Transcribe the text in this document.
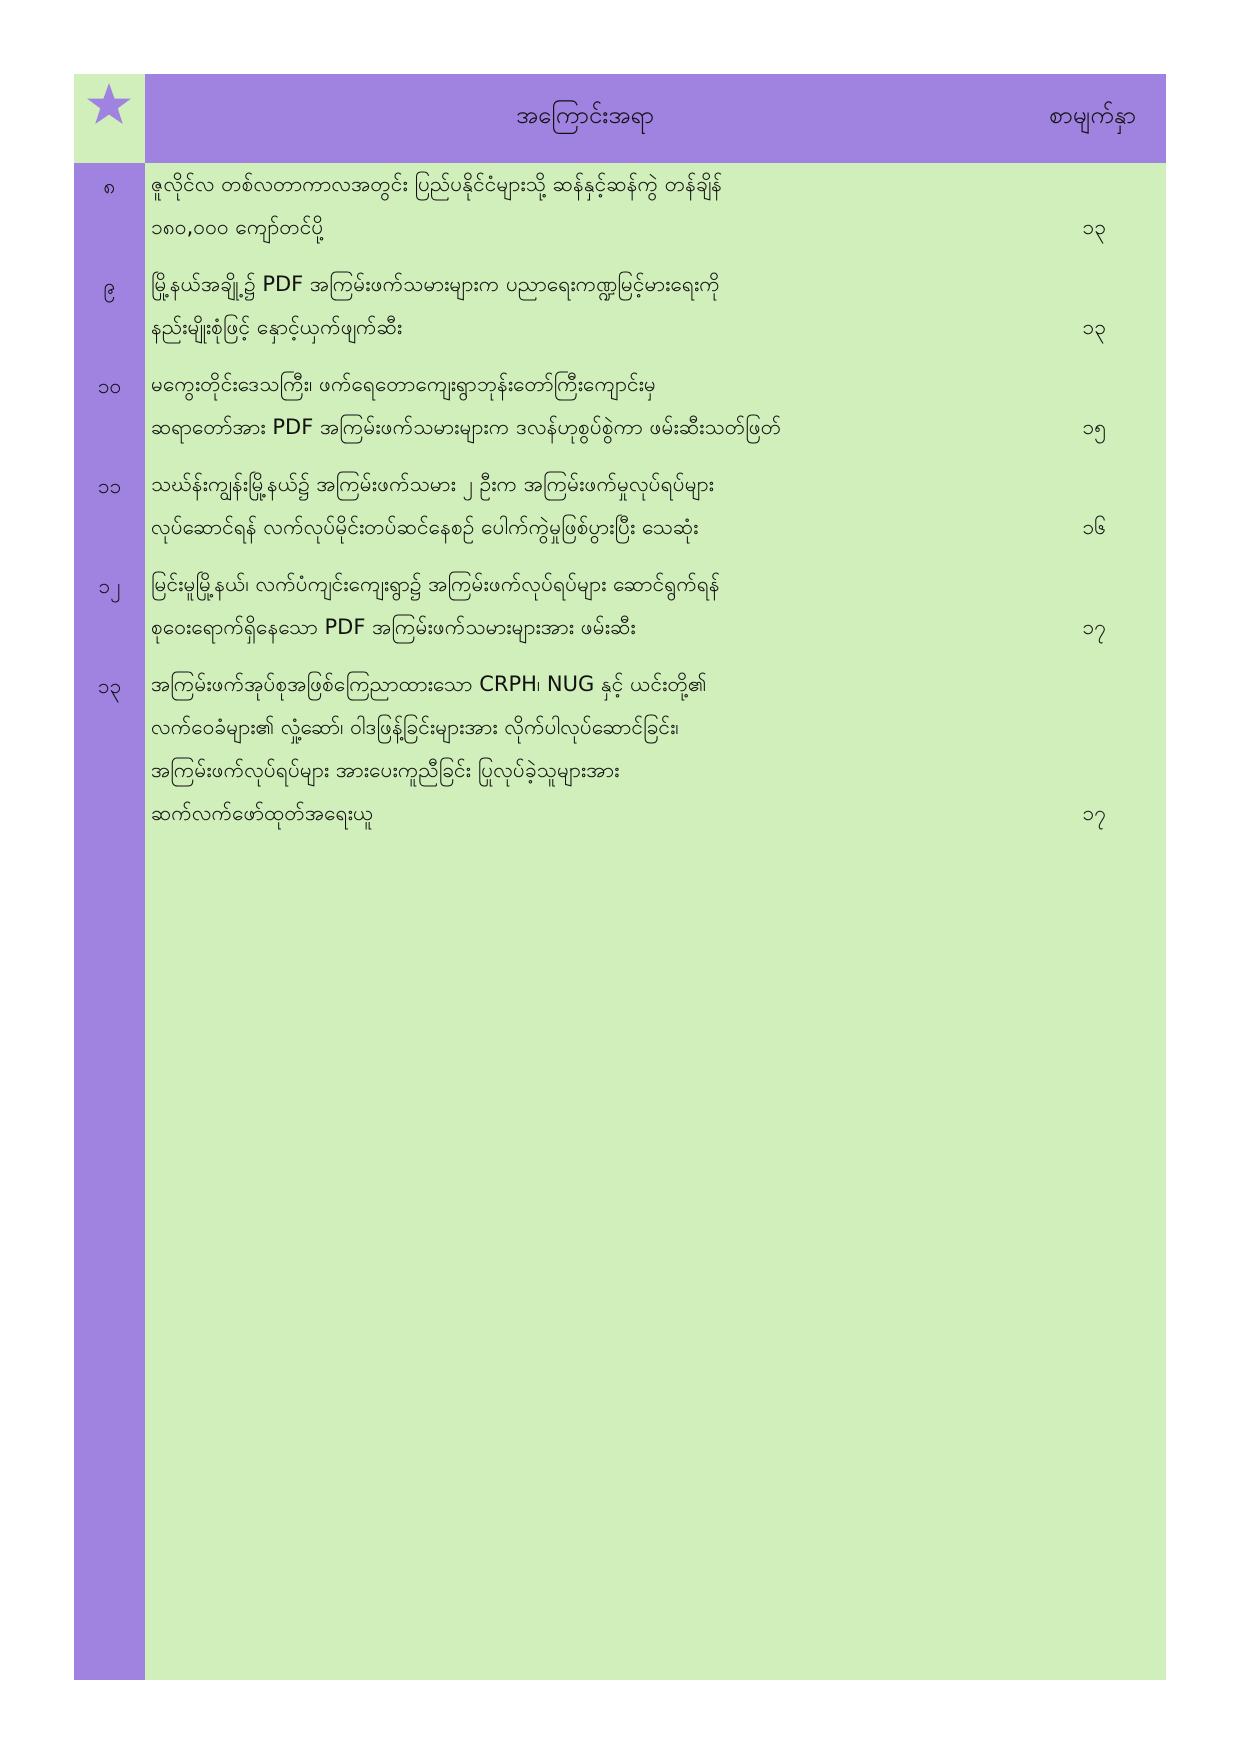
အကြောင်းအရာ	စာမျက်နှာ
၈	ဇူလိုင်လ တစ်လတာကာလအတွင်း ပြည်ပနိုင်ငံများသို့ ဆန်နှင့်ဆန်ကွဲ တန်ချိန်
၁၈၀,၀၀၀ ကျော်တင်ပို့	၁၃
၉	မြို့နယ်အချို့၌ PDF အကြမ်းဖက်သမားများက ပညာရေးကဏ္ဍမြင့်မားရေးကို
နည်းမျိုးစုံဖြင့် နှောင့်ယှက်ဖျက်ဆီး	၁၃
၁၀	မကွေးတိုင်းဒေသကြီး၊ ဖက်ရေတောကျေးရွာဘုန်းတော်ကြီးကျောင်းမှ
ဆရာတော်အား PDF အကြမ်းဖက်သမားများက ဒလန်ဟုစွပ်စွဲကာ ဖမ်းဆီးသတ်ဖြတ်	၁၅
၁၁	သဃ်န်းကျွန်းမြို့နယ်၌ အကြမ်းဖက်သမား ၂ ဦးက အကြမ်းဖက်မှုလုပ်ရပ်များ
လုပ်ဆောင်ရန် လက်လုပ်မိုင်းတပ်ဆင်နေစဉ် ပေါက်ကွဲမှုဖြစ်ပွားပြီး သေဆုံး	၁၆
၁၂	မြင်းမူမြို့နယ်၊ လက်ပံကျင်းကျေးရွာ၌ အကြမ်းဖက်လုပ်ရပ်များ ဆောင်ရွက်ရန်
စုဝေးရောက်ရှိနေသော PDF အကြမ်းဖက်သမားများအား ဖမ်းဆီး	၁၇
၁၃	အကြမ်းဖက်အုပ်စုအဖြစ်ကြေညာထားသော CRPH၊ NUG နှင့် ယင်းတို့၏
လက်ဝေခံများ၏ လှုံ့ဆော်၊ ဝါဒဖြန့်ခြင်းများအား လိုက်ပါလုပ်ဆောင်ခြင်း၊
အကြမ်းဖက်လုပ်ရပ်များ အားပေးကူညီခြင်း ပြုလုပ်ခဲ့သူများအား
ဆက်လက်ဖော်ထုတ်အရေးယူ	၁၇
